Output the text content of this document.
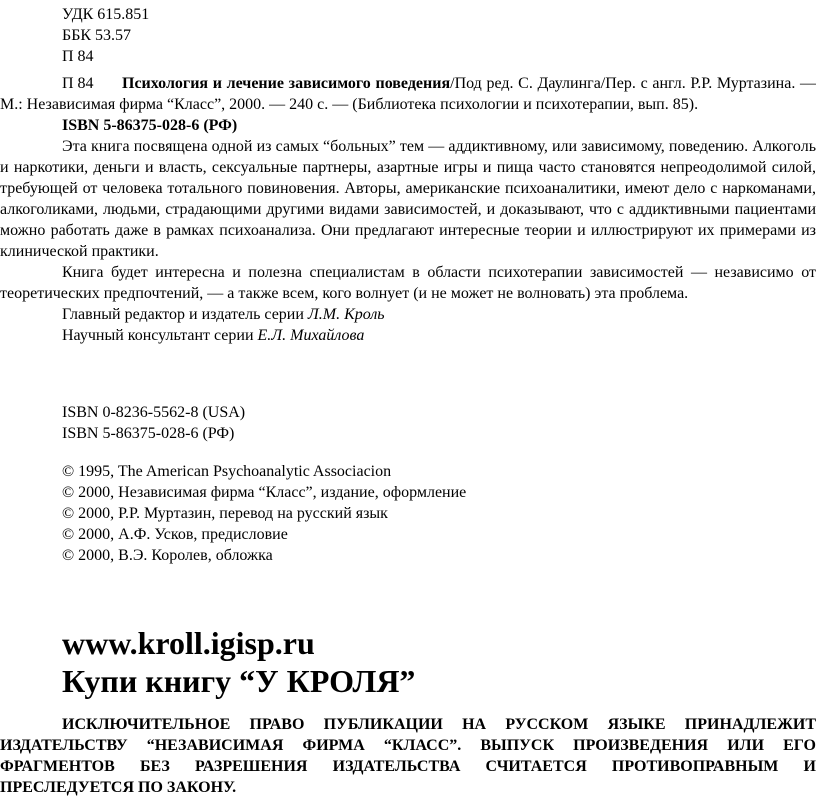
УДК 615.851
ББК 53.57
П 84

П 84 Психология и лечение зависимого поведения/Под ред. С. Даулинга/Пер. с англ. Р.Р. Муртазина. — М.: Независимая фирма “Класс”, 2000. — 240 с. — (Библиотека психологии и психотерапии, вып. 85).

ISBN 5-86375-028-6 (РФ)

Эта книга посвящена одной из самых “больных” тем — аддиктивному, или зависимому, поведению. Алкоголь и наркотики, деньги и власть, сексуальные партнеры, азартные игры и пища часто становятся непреодолимой силой, требующей от человека тотального повиновения. Авторы, американские психоаналитики, имеют дело с наркоманами, алкоголиками, людьми, страдающими другими видами зависимостей, и доказывают, что с аддиктивными пациентами можно работать даже в рамках психоанализа. Они предлагают интересные теории и иллюстрируют их примерами из клинической практики.

Книга будет интересна и полезна специалистам в области психотерапии зависимостей — независимо от теоретических предпочтений, — а также всем, кого волнует (и не может не волновать) эта проблема.

Главный редактор и издатель серии Л.М. Кроль

Научный консультант серии Е.Л. Михайлова

ISBN 0-8236-5562-8 (USA)
ISBN 5-86375-028-6 (РФ)
© 1995, The American Psychoanalytic Associacion
© 2000, Независимая фирма “Класс”, издание, оформление
© 2000, Р.Р. Муртазин, перевод на русский язык
© 2000, А.Ф. Усков, предисловие
© 2000, В.Э. Королев, обложка
www.kroll.igisp.ru
Купи книгу “У КРОЛЯ”

ИСКЛЮЧИТЕЛЬНОЕ ПРАВО ПУБЛИКАЦИИ НА РУССКОМ ЯЗЫКЕ ПРИНАДЛЕЖИТ ИЗДАТЕЛЬСТВУ “НЕЗАВИСИМАЯ ФИРМА “КЛАСС”. ВЫПУСК ПРОИЗВЕДЕНИЯ ИЛИ ЕГО ФРАГМЕНТОВ БЕЗ РАЗРЕШЕНИЯ ИЗДАТЕЛЬСТВА СЧИТАЕТСЯ ПРОТИВОПРАВНЫМ И ПРЕСЛЕДУЕТСЯ ПО ЗАКОНУ.
